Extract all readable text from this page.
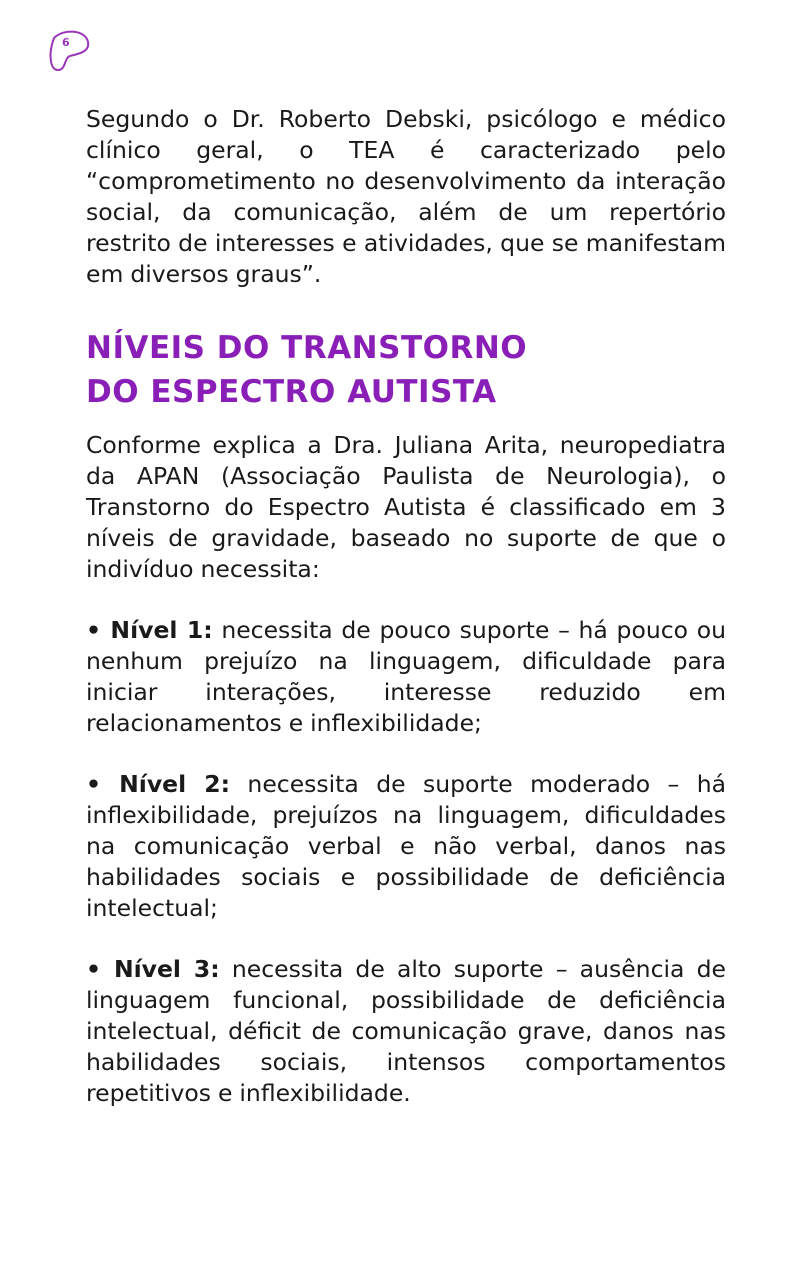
6

Segundo o Dr. Roberto Debski, psicólogo e médico clínico geral, o TEA é caracterizado pelo “comprometimento no desenvolvimento da interação social, da comunicação, além de um repertório restrito de interesses e atividades, que se manifestam em diversos graus”.

NÍVEIS DO TRANSTORNO
DO ESPECTRO AUTISTA

Conforme explica a Dra. Juliana Arita, neuropediatra da APAN (Associação Paulista de Neurologia), o Transtorno do Espectro Autista é classificado em 3 níveis de gravidade, baseado no suporte de que o indivíduo necessita:

• Nível 1: necessita de pouco suporte – há pouco ou nenhum prejuízo na linguagem, dificuldade para iniciar interações, interesse reduzido em relacionamentos e inflexibilidade;

• Nível 2: necessita de suporte moderado – há inflexibilidade, prejuízos na linguagem, dificuldades na comunicação verbal e não verbal, danos nas habilidades sociais e possibilidade de deficiência intelectual;

• Nível 3: necessita de alto suporte – ausência de linguagem funcional, possibilidade de deficiência intelectual, déficit de comunicação grave, danos nas habilidades sociais, intensos comportamentos repetitivos e inflexibilidade.
